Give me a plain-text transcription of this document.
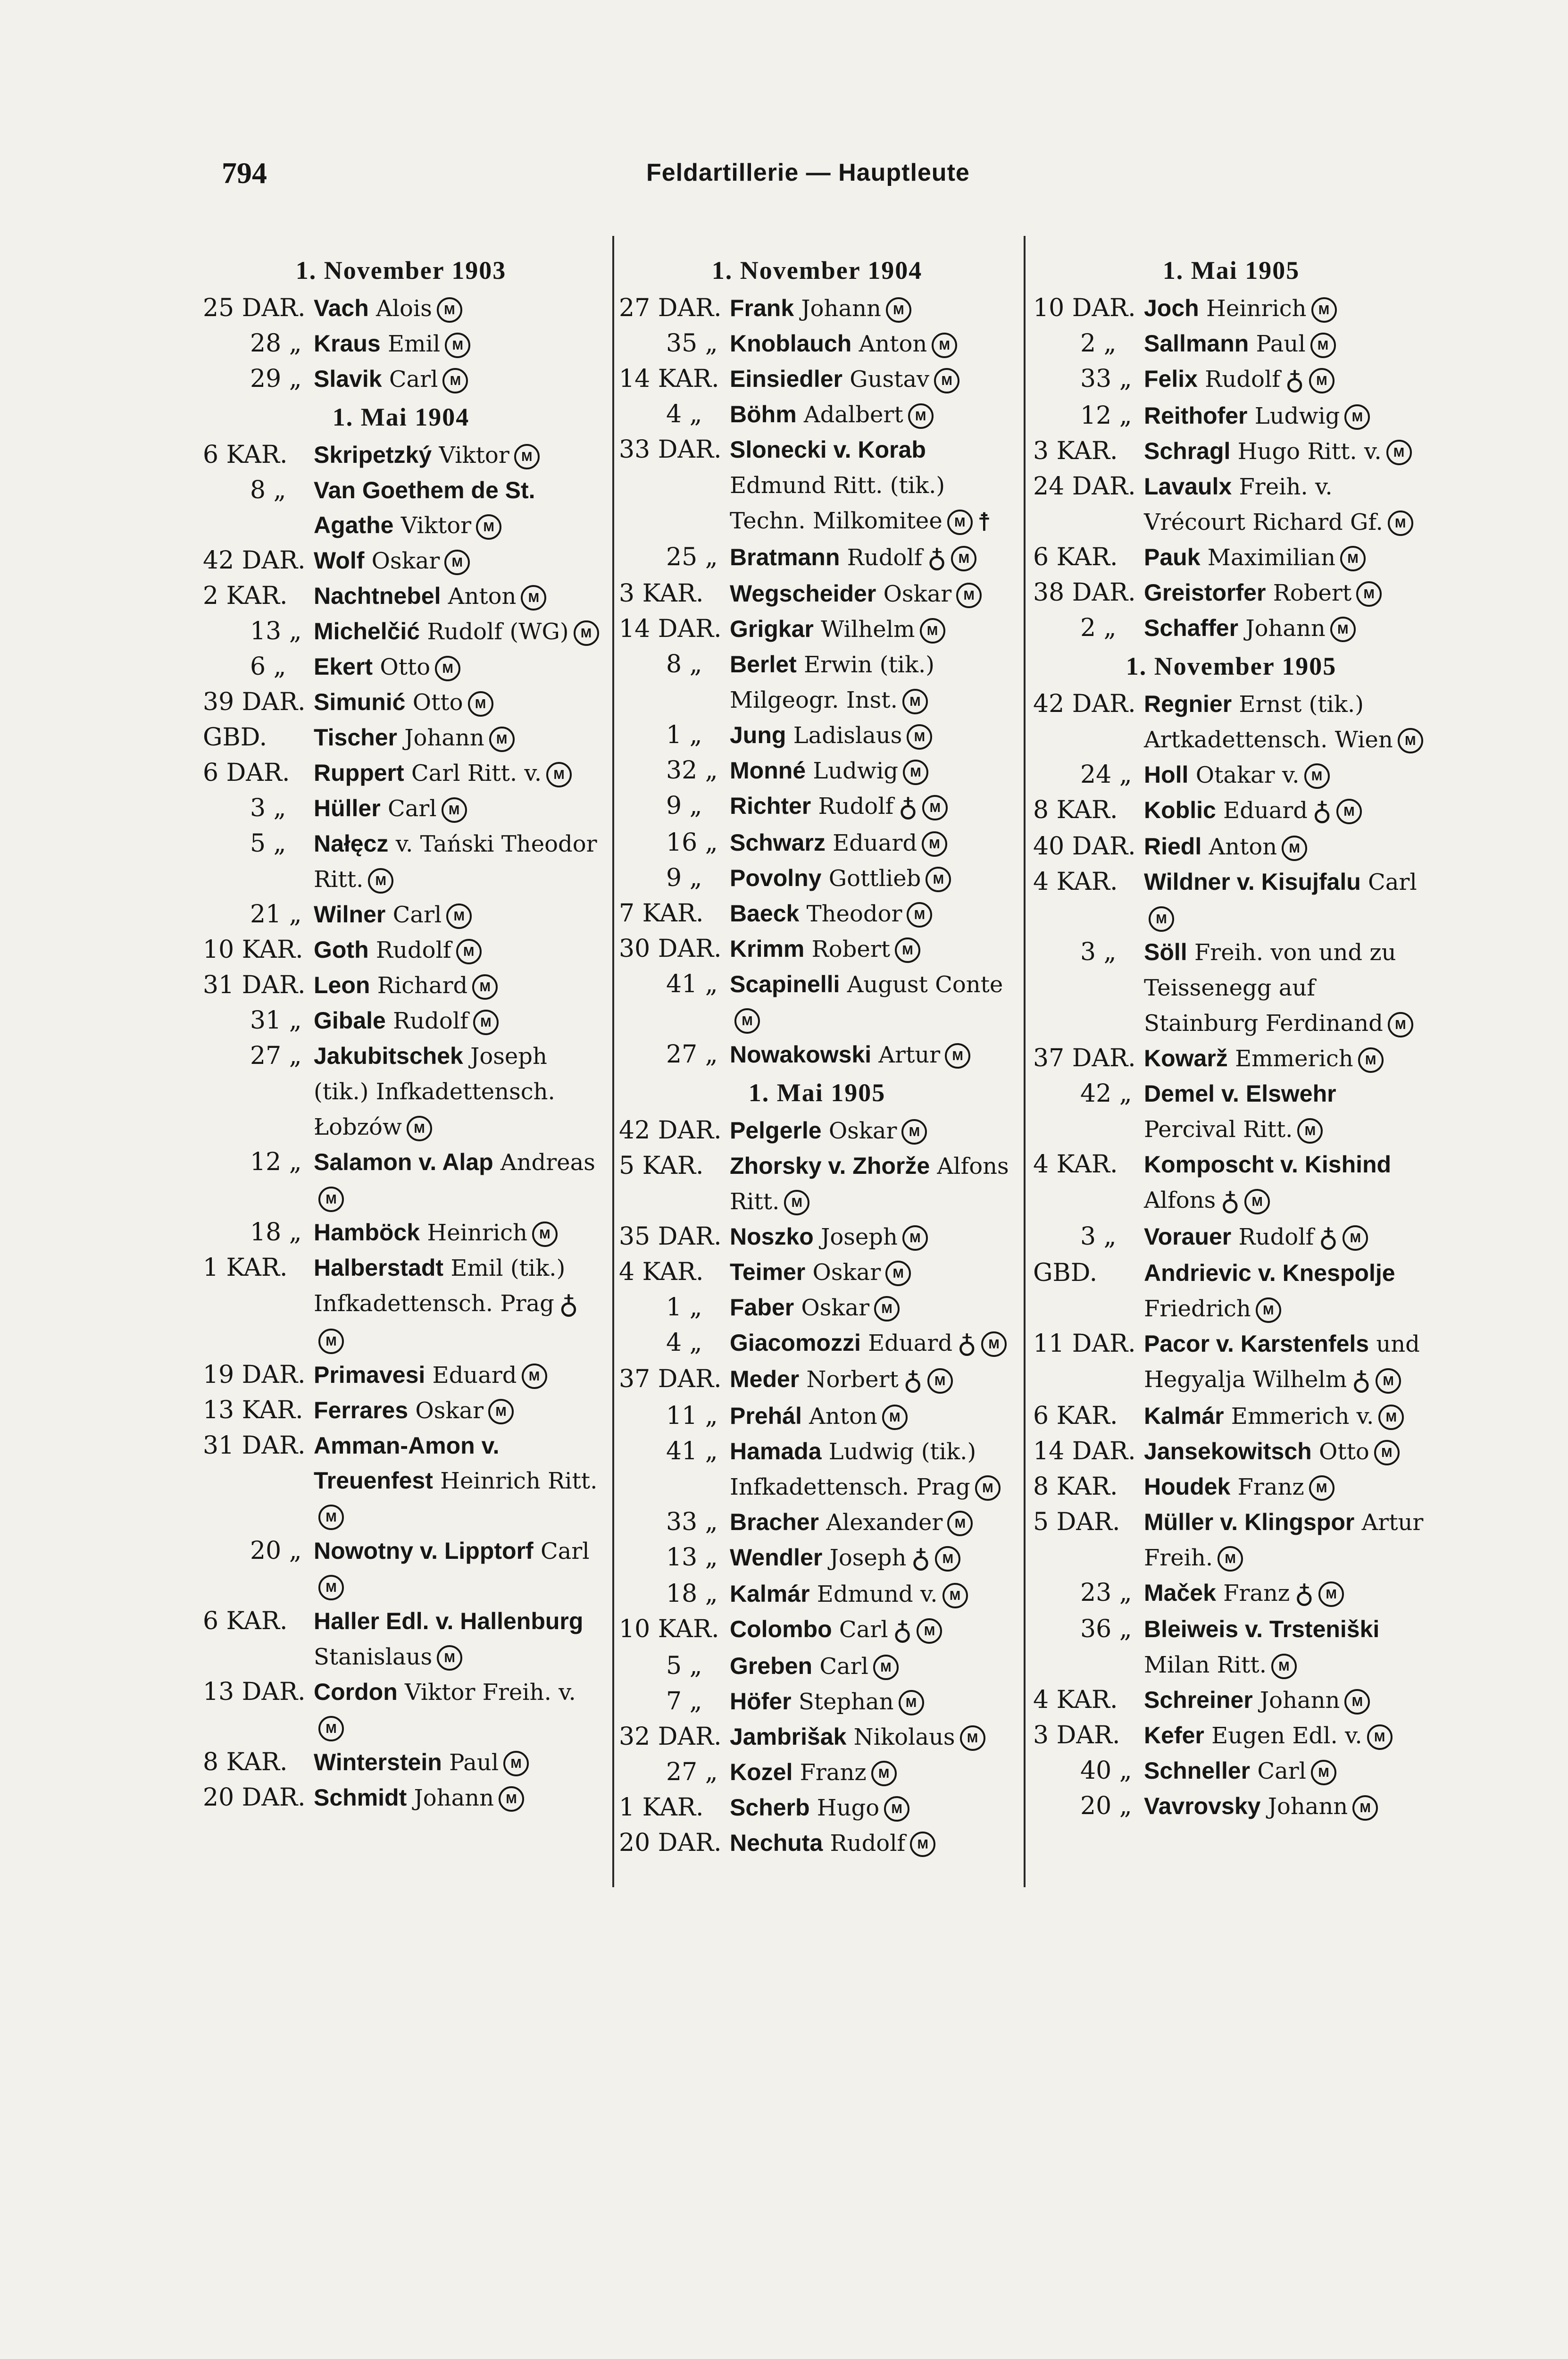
794	Feldartillerie — Hauptleute
1. November 1903
25 DAR. Vach Alois M
28 „ Kraus Emil M
29 „ Slavik Carl M
1. Mai 1904
6 KAR.	Skripetzký Viktor M
8 „	Van Goethem de St. Agathe Viktor M
42 DAR. Wolf Oskar M
2 KAR.	Nachtnebel Anton M
13 „ Michelčić Rudolf (WG) M
6 „	Ekert Otto M
39 DAR. Simunić Otto M
GBD.	Tischer Johann M
6 DAR.	Ruppert Carl Ritt. v. M
3 „	Hüller Carl M
5 „	Nałęcz v. Tański Theodor Ritt. M
21 „ Wilner Carl M
10 KAR. Goth Rudolf M
31 DAR. Leon Richard M
31 „ Gibale Rudolf M
27 „ Jakubitschek Joseph (tik.) Infkadettensch. Łobzów M
12 „ Salamon v. Alap AndreasM
18 „ Hamböck Heinrich M
1 KAR.	Halberstadt Emil (tik.) Infkadettensch. Prag ♁M
19 DAR. Primavesi Eduard M
13 KAR. Ferrares Oskar M
31 DAR. Amman-Amon v. Treuenfest Heinrich Ritt.M
20 „ Nowotny v. Lipptorf CarlM
6 KAR.	Haller Edl. v. Hallenburg Stanislaus M
13 DAR. Cordon Viktor Freih. v.M
8 KAR.	Winterstein Paul M
20 DAR. Schmidt Johann M
1. November 1904
27 DAR. Frank Johann M
35 „ Knoblauch Anton M
14 KAR. Einsiedler Gustav M
4 „	Böhm Adalbert M
33 DAR. Slonecki v. Korab Edmund Ritt. (tik.) Techn. Milkomitee M ☨
25 „ Bratmann Rudolf ♁ M
3 KAR.	Wegscheider Oskar M
14 DAR. Grigkar Wilhelm M
8 „	Berlet Erwin (tik.) Milgeogr. Inst. M
1 „	Jung Ladislaus M
32 „ Monné Ludwig M
9 „	Richter Rudolf ♁ M
16 „ Schwarz Eduard M
9 „	Povolny Gottlieb M
7 KAR.	Baeck Theodor M
30 DAR. Krimm Robert M
41 „ Scapinelli August ConteM
27 „ Nowakowski Artur M
1. Mai 1905
42 DAR. Pelgerle Oskar M
5 KAR.	Zhorsky v. Zhorže Alfons Ritt. M
35 DAR. Noszko Joseph M
4 KAR.	Teimer Oskar M
1 „	Faber Oskar M
4 „	Giacomozzi Eduard ♁ M
37 DAR. Meder Norbert ♁ M
11 „ Prehál Anton M
41 „ Hamada Ludwig (tik.) Infkadettensch. Prag M
33 „ Bracher Alexander M
13 „ Wendler Joseph ♁ M
18 „ Kalmár Edmund v. M
10 KAR. Colombo Carl ♁ M
5 „	Greben Carl M
7 „	Höfer Stephan M
32 DAR. Jambrišak Nikolaus M
27 „ Kozel Franz M
1 KAR.	Scherb Hugo M
20 DAR. Nechuta Rudolf M
1. Mai 1905
10 DAR. Joch Heinrich M
2 „	Sallmann Paul M
33 „ Felix Rudolf ♁ M
12 „ Reithofer Ludwig M
3 KAR.	Schragl Hugo Ritt. v. M
24 DAR. Lavaulx Freih. v. Vrécourt Richard Gf. M
6 KAR.	Pauk Maximilian M
38 DAR. Greistorfer Robert M
2 „	Schaffer Johann M
1. November 1905
42 DAR. Regnier Ernst (tik.) Artkadettensch. Wien M
24 „ Holl Otakar v. M
8 KAR.	Koblic Eduard ♁ M
40 DAR. Riedl Anton M
4 KAR.	Wildner v. Kisujfalu CarlM
3 „	Söll Freih. von und zu Teissenegg auf Stainburg Ferdinand M
37 DAR. Kowarž Emmerich M
42 „ Demel v. Elswehr Percival Ritt. M
4 KAR.	Komposcht v. Kishind Alfons ♁ M
3 „	Vorauer Rudolf ♁ M
GBD.	Andrievic v. Knespolje Friedrich M
11 DAR. Pacor v. Karstenfels und Hegyalja Wilhelm ♁ M
6 KAR.	Kalmár Emmerich v. M
14 DAR. Jansekowitsch Otto M
8 KAR.	Houdek Franz M
5 DAR.	Müller v. Klingspor Artur Freih. M
23 „ Maček Franz ♁ M
36 „ Bleiweis v. Trsteniški Milan Ritt. M
4 KAR.	Schreiner Johann M
3 DAR.	Kefer Eugen Edl. v. M
40 „ Schneller Carl M
20 „ Vavrovsky Johann M
